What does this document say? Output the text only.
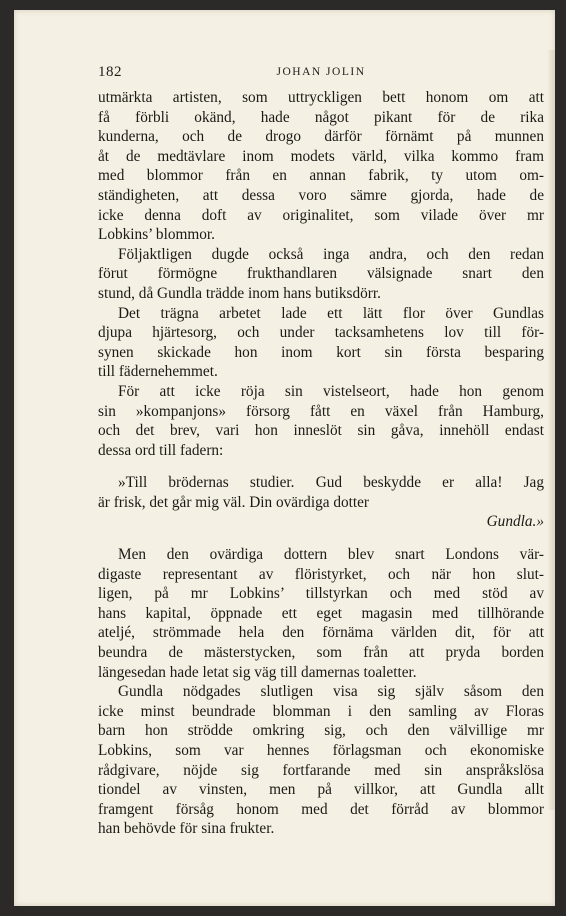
182	JOHAN JOLIN
utmärkta artisten, som uttryckligen bett honom om att
få förbli okänd, hade något pikant för de rika
kunderna, och de drogo därför förnämt på munnen
åt de medtävlare inom modets värld, vilka kommo fram
med blommor från en annan fabrik, ty utom om-
ständigheten, att dessa voro sämre gjorda, hade de
icke denna doft av originalitet, som vilade över mr
Lobkins’ blommor.
Följaktligen dugde också inga andra, och den redan
förut förmögne frukthandlaren välsignade snart den
stund, då Gundla trädde inom hans butiksdörr.
Det trägna arbetet lade ett lätt flor över Gundlas
djupa hjärtesorg, och under tacksamhetens lov till för-
synen skickade hon inom kort sin första besparing
till fädernehemmet.
För att icke röja sin vistelseort, hade hon genom
sin »kompanjons» försorg fått en växel från Hamburg,
och det brev, vari hon inneslöt sin gåva, innehöll endast
dessa ord till fadern:
»Till brödernas studier. Gud beskydde er alla! Jag
är frisk, det går mig väl. Din ovärdiga dotter
Gundla.»
Men den ovärdiga dottern blev snart Londons vär-
digaste representant av flöristyrket, och när hon slut-
ligen, på mr Lobkins’ tillstyrkan och med stöd av
hans kapital, öppnade ett eget magasin med tillhörande
ateljé, strömmade hela den förnäma världen dit, för att
beundra de mästerstycken, som från att pryda borden
längesedan hade letat sig väg till damernas toaletter.
Gundla nödgades slutligen visa sig själv såsom den
icke minst beundrade blomman i den samling av Floras
barn hon strödde omkring sig, och den välvillige mr
Lobkins, som var hennes förlagsman och ekonomiske
rådgivare, nöjde sig fortfarande med sin anspråkslösa
tiondel av vinsten, men på villkor, att Gundla allt
framgent försåg honom med det förråd av blommor
han behövde för sina frukter.
